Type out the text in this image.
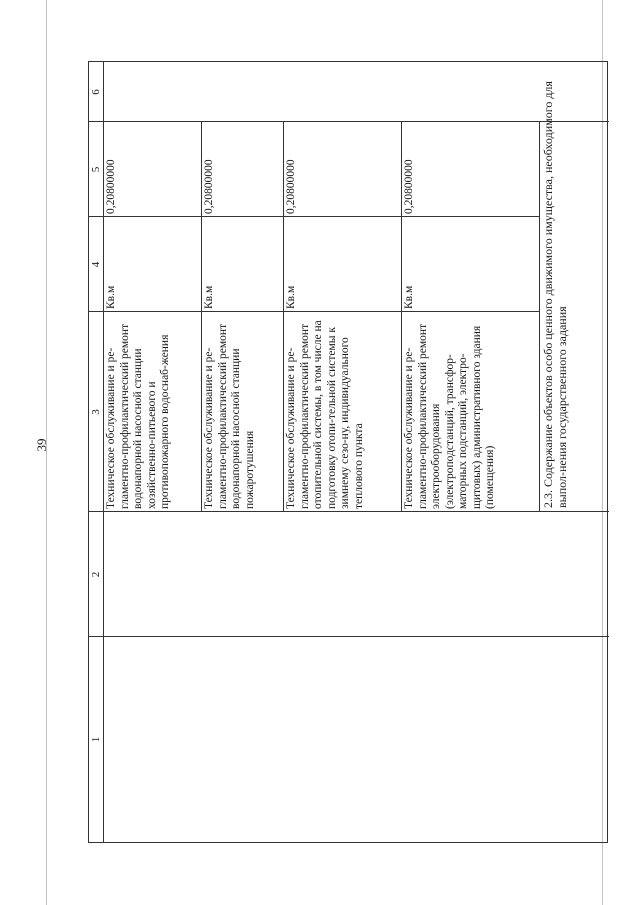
39
1
2
3
4
5
6
Техническое обслуживание и ре-гламентно-профилактический ремонт водонапорной насосной станции хозяйственно-питьевого и противопожарного водоснаб-жения
Кв.м
0,20800000
Техническое обслуживание и ре-гламентно-профилактический ремонт водонапорной насосной станции пожаротушения
Кв.м
0,20800000
Техническое обслуживание и ре-гламентно-профилактический ремонт отопительной системы, в том числе на подготовку отопи-тельной системы к зимнему сезо-ну, индивидуального теплового пункта
Кв.м
0,20800000
Техническое обслуживание и ре-гламентно-профилактический ремонт электрооборудования (электроподстанций, трансфор-маторных подстанций, электро-щитовых) административного здания (помещения)
Кв.м
0,20800000	2.3. Содержание объектов особо ценного движимого имущества, необходимого для выпол-нения государственного задания
